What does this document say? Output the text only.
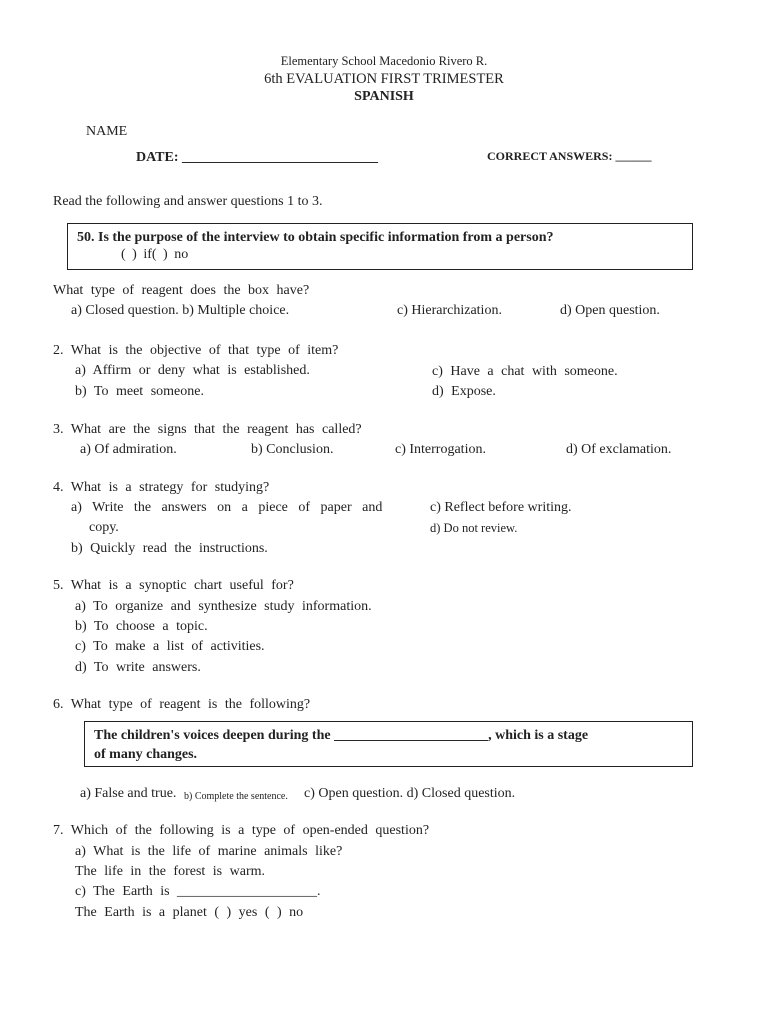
Elementary School Macedonio Rivero R.
6th EVALUATION FIRST TRIMESTER
SPANISH
NAME
DATE: ____________________________	CORRECT ANSWERS: ______
Read the following and answer questions 1 to 3.
50. Is the purpose of the interview to obtain specific information from a person?
( ) if( ) no
What type of reagent does the box have?
a) Closed question. b) Multiple choice.	c) Hierarchization.	d) Open question.
2. What is the objective of that type of item?
a) Affirm or deny what is established.
b) To meet someone.
c) Have a chat with someone.
d) Expose.
3. What are the signs that the reagent has called?
a) Of admiration.	b) Conclusion.	c) Interrogation.	d) Of exclamation.
4. What is a strategy for studying?
a)   Write   the   answers   on   a   piece   of   paper   and
copy.
b) Quickly read the instructions.
c) Reflect before writing.
d) Do not review.
5. What is a synoptic chart useful for?
a) To organize and synthesize study information.
b) To choose a topic.
c) To make a list of activities.
d) To write answers.
6. What type of reagent is the following?
The children's voices deepen during the ______________________, which is a stage
of many changes.
a) False and true. b) Complete the sentence. c) Open question. d) Closed question.
7. Which of the following is a type of open-ended question?
a) What is the life of marine animals like?
The life in the forest is warm.
c) The Earth is ____________________.
The Earth is a planet ( ) yes ( ) no
